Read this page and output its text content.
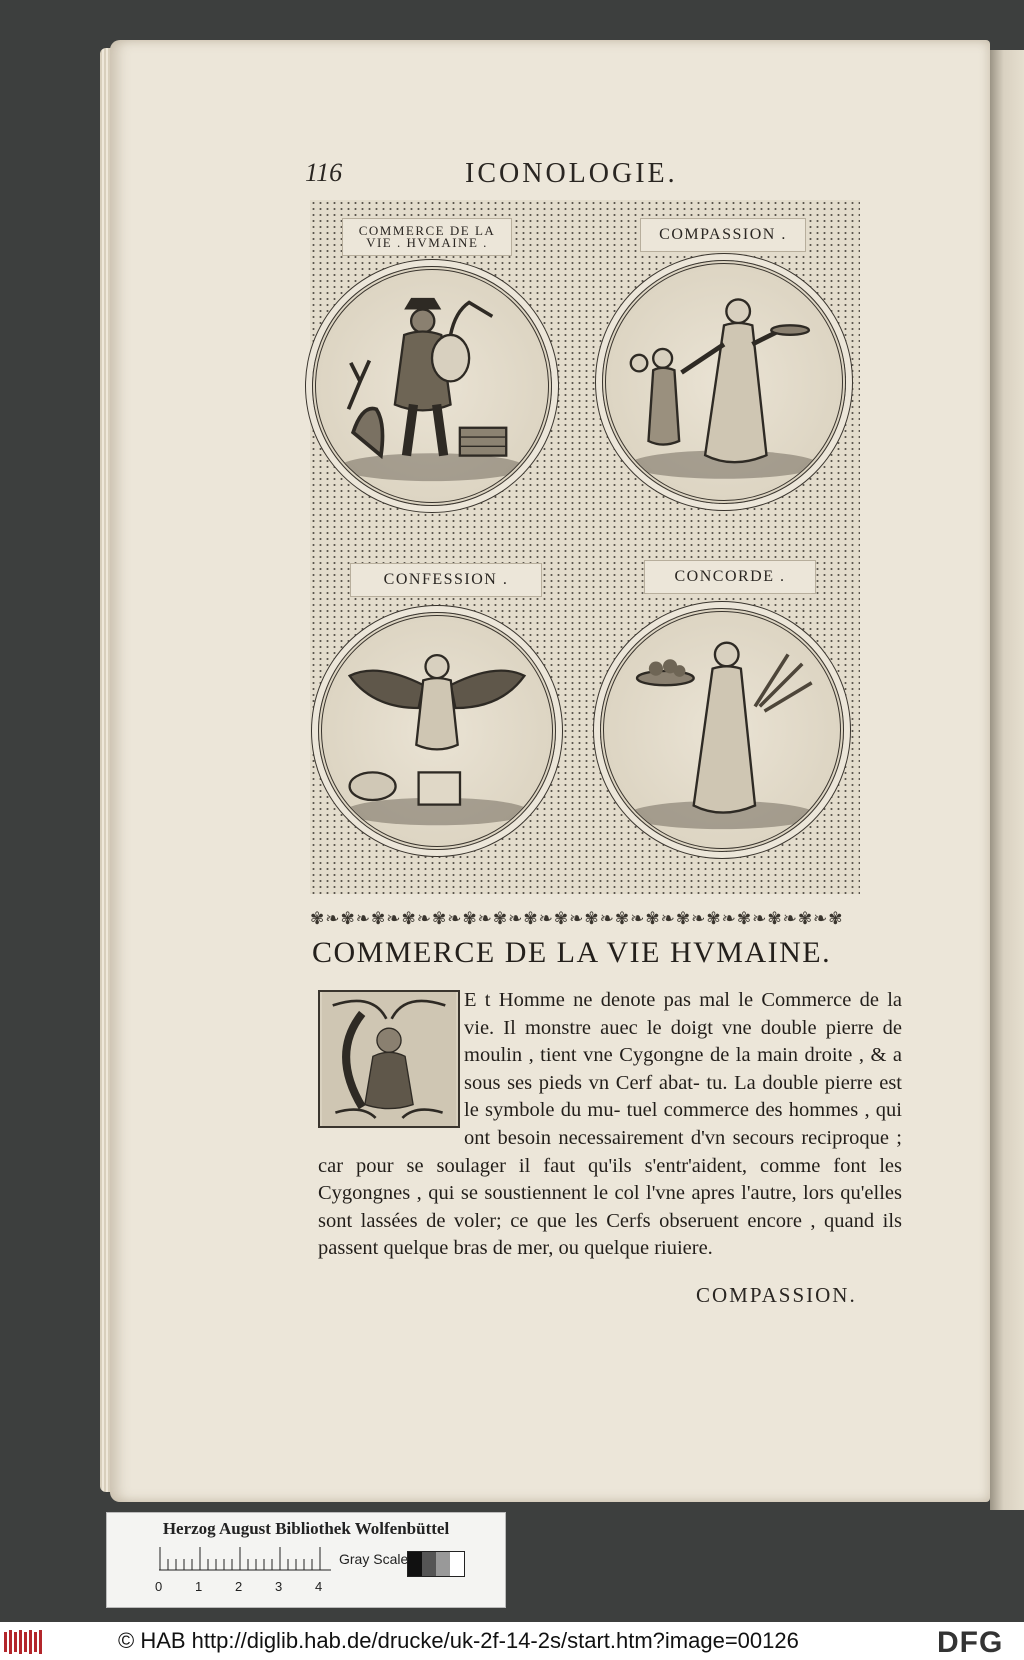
116	ICONOLOGIE.
COMMERCE DE LA VIE . HVMAINE .	COMPASSION .
CONFESSION .	CONCORDE .
✾❧✾❧✾❧✾❧✾❧✾❧✾❧✾❧✾❧✾❧✾❧✾❧✾❧✾❧✾❧✾❧✾❧✾
COMMERCE DE LA VIE HVMAINE.
E t Homme ne denote pas mal le Commerce de la vie. Il monstre auec le doigt vne double pierre de moulin , tient vne Cygongne de la main droite , & a sous ses pieds vn Cerf abat- tu. La double pierre est le symbole du mu- tuel commerce des hommes , qui ont besoin necessairement d'vn secours reciproque ; car pour se soulager il faut qu'ils s'entr'aident, comme font les Cygongnes , qui se soustiennent le col l'vne apres l'autre, lors qu'elles sont lassées de voler; ce que les Cerfs obseruent encore , quand ils passent quelque bras de mer, ou quelque riuiere.
COMPASSION.
Herzog August Bibliothek Wolfenbüttel
0	1	2	3	4
Gray Scale
© HAB http://diglib.hab.de/drucke/uk-2f-14-2s/start.htm?image=00126	DFG
